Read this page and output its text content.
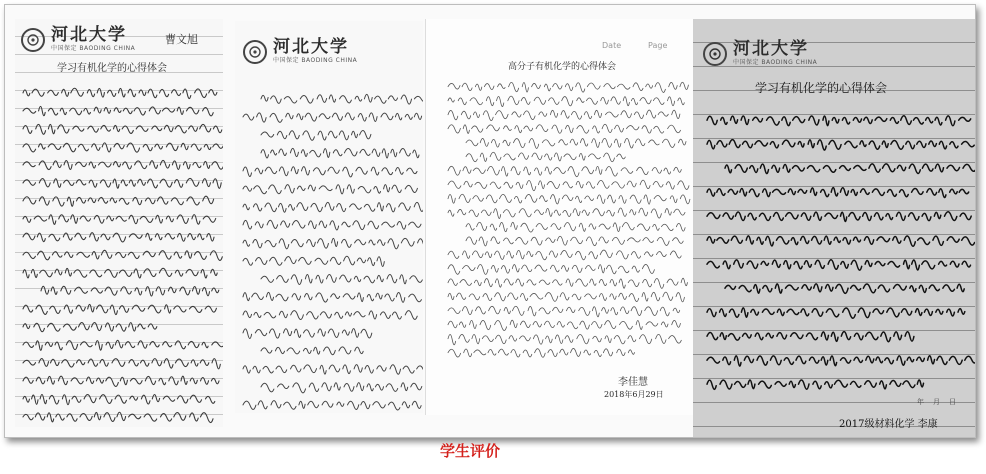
河北大学
中国保定 BAODING CHINA
曹文旭
学习有机化学的心得体会
河北大学
中国保定 BAODING CHINA
Date	Page
高分子有机化学的心得体会
李佳慧
2018年6月29日
河北大学
中国保定 BAODING CHINA
学习有机化学的心得体会
年 月 日
2017级材料化学 李康
学生评价
